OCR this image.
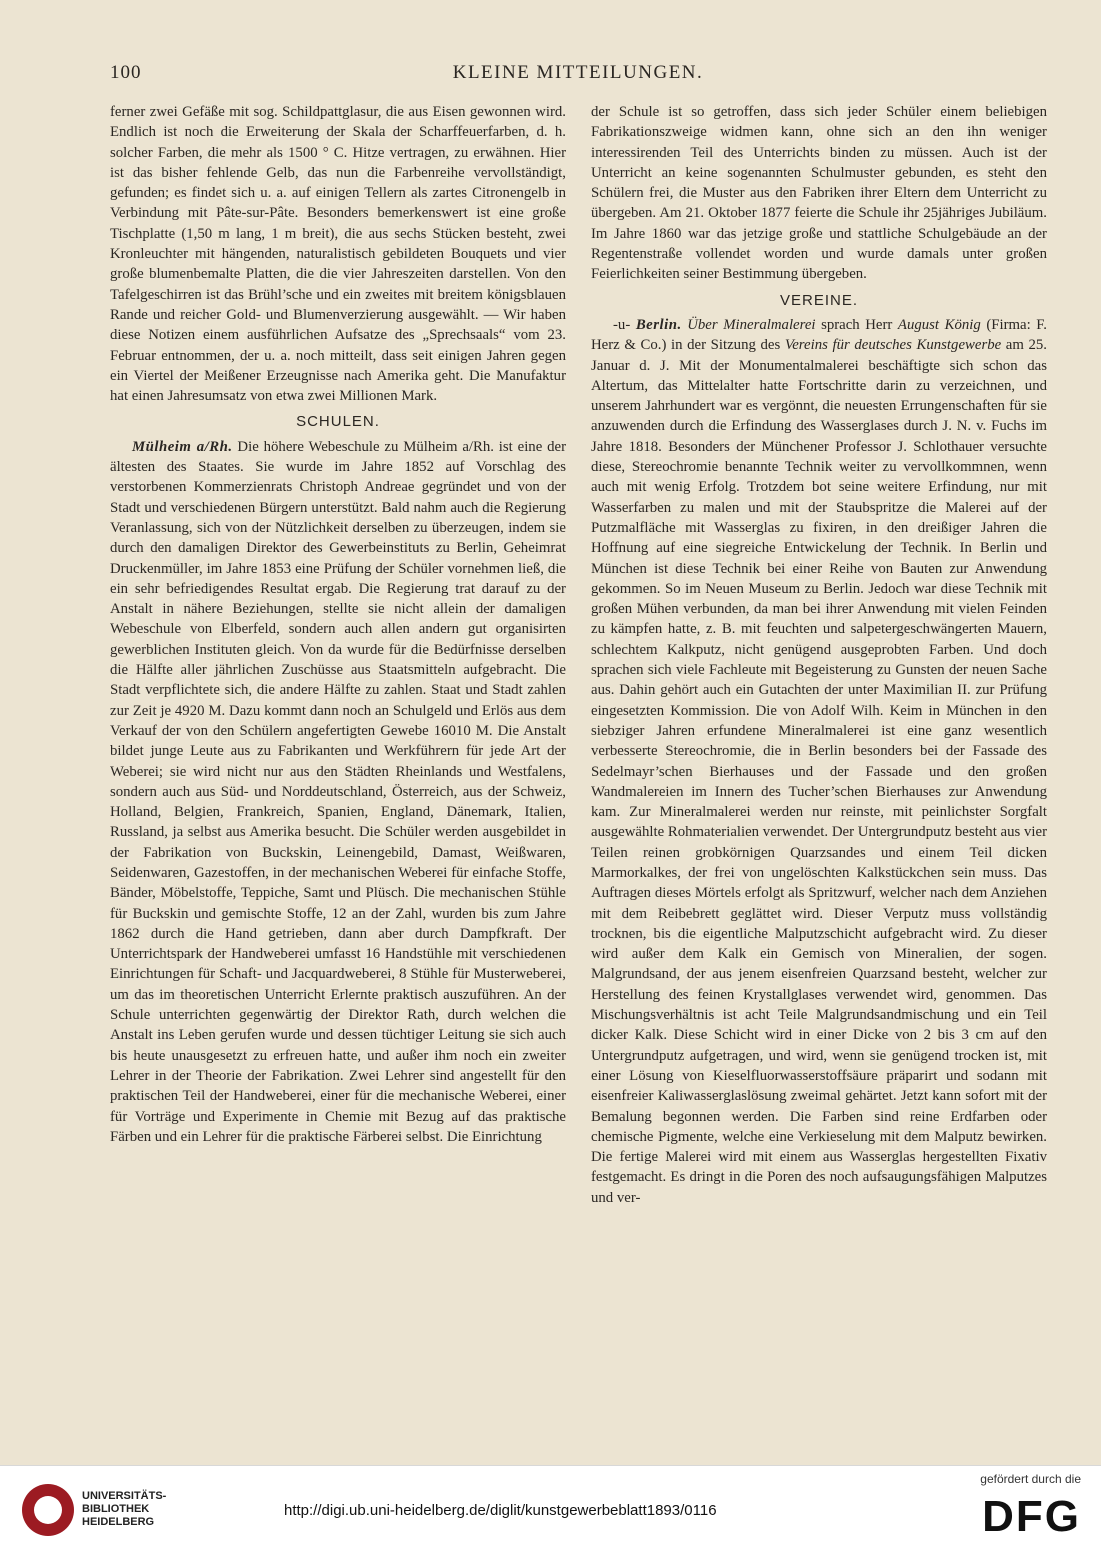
100	KLEINE MITTEILUNGEN.

ferner zwei Gefäße mit sog. Schildpattglasur, die aus Eisen gewonnen wird. Endlich ist noch die Erweiterung der Skala der Scharffeuerfarben, d. h. solcher Farben, die mehr als 1500 ° C. Hitze vertragen, zu erwähnen. Hier ist das bisher fehlende Gelb, das nun die Farbenreihe vervollständigt, gefunden; es findet sich u. a. auf einigen Tellern als zartes Citronengelb in Verbindung mit Pâte-sur-Pâte. Besonders bemerkenswert ist eine große Tischplatte (1,50 m lang, 1 m breit), die aus sechs Stücken besteht, zwei Kronleuchter mit hängenden, naturalistisch gebildeten Bouquets und vier große blumenbemalte Platten, die die vier Jahreszeiten darstellen. Von den Tafelgeschirren ist das Brühl’sche und ein zweites mit breitem königsblauen Rande und reicher Gold- und Blumenverzierung ausgewählt. — Wir haben diese Notizen einem ausführlichen Aufsatze des „Sprechsaals“ vom 23. Februar entnommen, der u. a. noch mitteilt, dass seit einigen Jahren gegen ein Viertel der Meißener Erzeugnisse nach Amerika geht. Die Manufaktur hat einen Jahresumsatz von etwa zwei Millionen Mark.

SCHULEN.

Mülheim a/Rh. Die höhere Webeschule zu Mülheim a/Rh. ist eine der ältesten des Staates. Sie wurde im Jahre 1852 auf Vorschlag des verstorbenen Kommerzienrats Christoph Andreae gegründet und von der Stadt und verschiedenen Bürgern unterstützt. Bald nahm auch die Regierung Veranlassung, sich von der Nützlichkeit derselben zu überzeugen, indem sie durch den damaligen Direktor des Gewerbeinstituts zu Berlin, Geheimrat Druckenmüller, im Jahre 1853 eine Prüfung der Schüler vornehmen ließ, die ein sehr befriedigendes Resultat ergab. Die Regierung trat darauf zu der Anstalt in nähere Beziehungen, stellte sie nicht allein der damaligen Webeschule von Elberfeld, sondern auch allen andern gut organisirten gewerblichen Instituten gleich. Von da wurde für die Bedürfnisse derselben die Hälfte aller jährlichen Zuschüsse aus Staatsmitteln aufgebracht. Die Stadt verpflichtete sich, die andere Hälfte zu zahlen. Staat und Stadt zahlen zur Zeit je 4920 M. Dazu kommt dann noch an Schulgeld und Erlös aus dem Verkauf der von den Schülern angefertigten Gewebe 16010 M. Die Anstalt bildet junge Leute aus zu Fabrikanten und Werkführern für jede Art der Weberei; sie wird nicht nur aus den Städten Rheinlands und Westfalens, sondern auch aus Süd- und Norddeutschland, Österreich, aus der Schweiz, Holland, Belgien, Frankreich, Spanien, England, Dänemark, Italien, Russland, ja selbst aus Amerika besucht. Die Schüler werden ausgebildet in der Fabrikation von Buckskin, Leinengebild, Damast, Weißwaren, Seidenwaren, Gazestoffen, in der mechanischen Weberei für einfache Stoffe, Bänder, Möbelstoffe, Teppiche, Samt und Plüsch. Die mechanischen Stühle für Buckskin und gemischte Stoffe, 12 an der Zahl, wurden bis zum Jahre 1862 durch die Hand getrieben, dann aber durch Dampfkraft. Der Unterrichtspark der Handweberei umfasst 16 Handstühle mit verschiedenen Einrichtungen für Schaft- und Jacquardweberei, 8 Stühle für Musterweberei, um das im theoretischen Unterricht Erlernte praktisch auszuführen. An der Schule unterrichten gegenwärtig der Direktor Rath, durch welchen die Anstalt ins Leben gerufen wurde und dessen tüchtiger Leitung sie sich auch bis heute unausgesetzt zu erfreuen hatte, und außer ihm noch ein zweiter Lehrer in der Theorie der Fabrikation. Zwei Lehrer sind angestellt für den praktischen Teil der Handweberei, einer für die mechanische Weberei, einer für Vorträge und Experimente in Chemie mit Bezug auf das praktische Färben und ein Lehrer für die praktische Färberei selbst. Die Einrichtung

der Schule ist so getroffen, dass sich jeder Schüler einem beliebigen Fabrikationszweige widmen kann, ohne sich an den ihn weniger interessirenden Teil des Unterrichts binden zu müssen. Auch ist der Unterricht an keine sogenannten Schulmuster gebunden, es steht den Schülern frei, die Muster aus den Fabriken ihrer Eltern dem Unterricht zu übergeben. Am 21. Oktober 1877 feierte die Schule ihr 25jähriges Jubiläum. Im Jahre 1860 war das jetzige große und stattliche Schulgebäude an der Regentenstraße vollendet worden und wurde damals unter großen Feierlichkeiten seiner Bestimmung übergeben.

VEREINE.

-u- Berlin. Über Mineralmalerei sprach Herr August König (Firma: F. Herz & Co.) in der Sitzung des Vereins für deutsches Kunstgewerbe am 25. Januar d. J. Mit der Monumentalmalerei beschäftigte sich schon das Altertum, das Mittelalter hatte Fortschritte darin zu verzeichnen, und unserem Jahrhundert war es vergönnt, die neuesten Errungenschaften für sie anzuwenden durch die Erfindung des Wasserglases durch J. N. v. Fuchs im Jahre 1818. Besonders der Münchener Professor J. Schlothauer versuchte diese, Stereochromie benannte Technik weiter zu vervollkommnen, wenn auch mit wenig Erfolg. Trotzdem bot seine weitere Erfindung, nur mit Wasserfarben zu malen und mit der Staubspritze die Malerei auf der Putzmalfläche mit Wasserglas zu fixiren, in den dreißiger Jahren die Hoffnung auf eine siegreiche Entwickelung der Technik. In Berlin und München ist diese Technik bei einer Reihe von Bauten zur Anwendung gekommen. So im Neuen Museum zu Berlin. Jedoch war diese Technik mit großen Mühen verbunden, da man bei ihrer Anwendung mit vielen Feinden zu kämpfen hatte, z. B. mit feuchten und salpetergeschwängerten Mauern, schlechtem Kalkputz, nicht genügend ausgeprobten Farben. Und doch sprachen sich viele Fachleute mit Begeisterung zu Gunsten der neuen Sache aus. Dahin gehört auch ein Gutachten der unter Maximilian II. zur Prüfung eingesetzten Kommission. Die von Adolf Wilh. Keim in München in den siebziger Jahren erfundene Mineralmalerei ist eine ganz wesentlich verbesserte Stereochromie, die in Berlin besonders bei der Fassade des Sedelmayr’schen Bierhauses und der Fassade und den großen Wandmalereien im Innern des Tucher’schen Bierhauses zur Anwendung kam. Zur Mineralmalerei werden nur reinste, mit peinlichster Sorgfalt ausgewählte Rohmaterialien verwendet. Der Untergrundputz besteht aus vier Teilen reinen grobkörnigen Quarzsandes und einem Teil dicken Marmorkalkes, der frei von ungelöschten Kalkstückchen sein muss. Das Auftragen dieses Mörtels erfolgt als Spritzwurf, welcher nach dem Anziehen mit dem Reibebrett geglättet wird. Dieser Verputz muss vollständig trocknen, bis die eigentliche Malputzschicht aufgebracht wird. Zu dieser wird außer dem Kalk ein Gemisch von Mineralien, der sogen. Malgrundsand, der aus jenem eisenfreien Quarzsand besteht, welcher zur Herstellung des feinen Krystallglases verwendet wird, genommen. Das Mischungsverhältnis ist acht Teile Malgrundsandmischung und ein Teil dicker Kalk. Diese Schicht wird in einer Dicke von 2 bis 3 cm auf den Untergrundputz aufgetragen, und wird, wenn sie genügend trocken ist, mit einer Lösung von Kieselfluorwasserstoffsäure präparirt und sodann mit eisenfreier Kaliwasserglaslösung zweimal gehärtet. Jetzt kann sofort mit der Bemalung begonnen werden. Die Farben sind reine Erdfarben oder chemische Pigmente, welche eine Verkieselung mit dem Malputz bewirken. Die fertige Malerei wird mit einem aus Wasserglas hergestellten Fixativ festgemacht. Es dringt in die Poren des noch aufsaugungsfähigen Malputzes und ver-

UNIVERSITÄTS-
BIBLIOTHEK
HEIDELBERG
http://digi.ub.uni-heidelberg.de/diglit/kunstgewerbeblatt1893/0116
gefördert durch die
DFG
